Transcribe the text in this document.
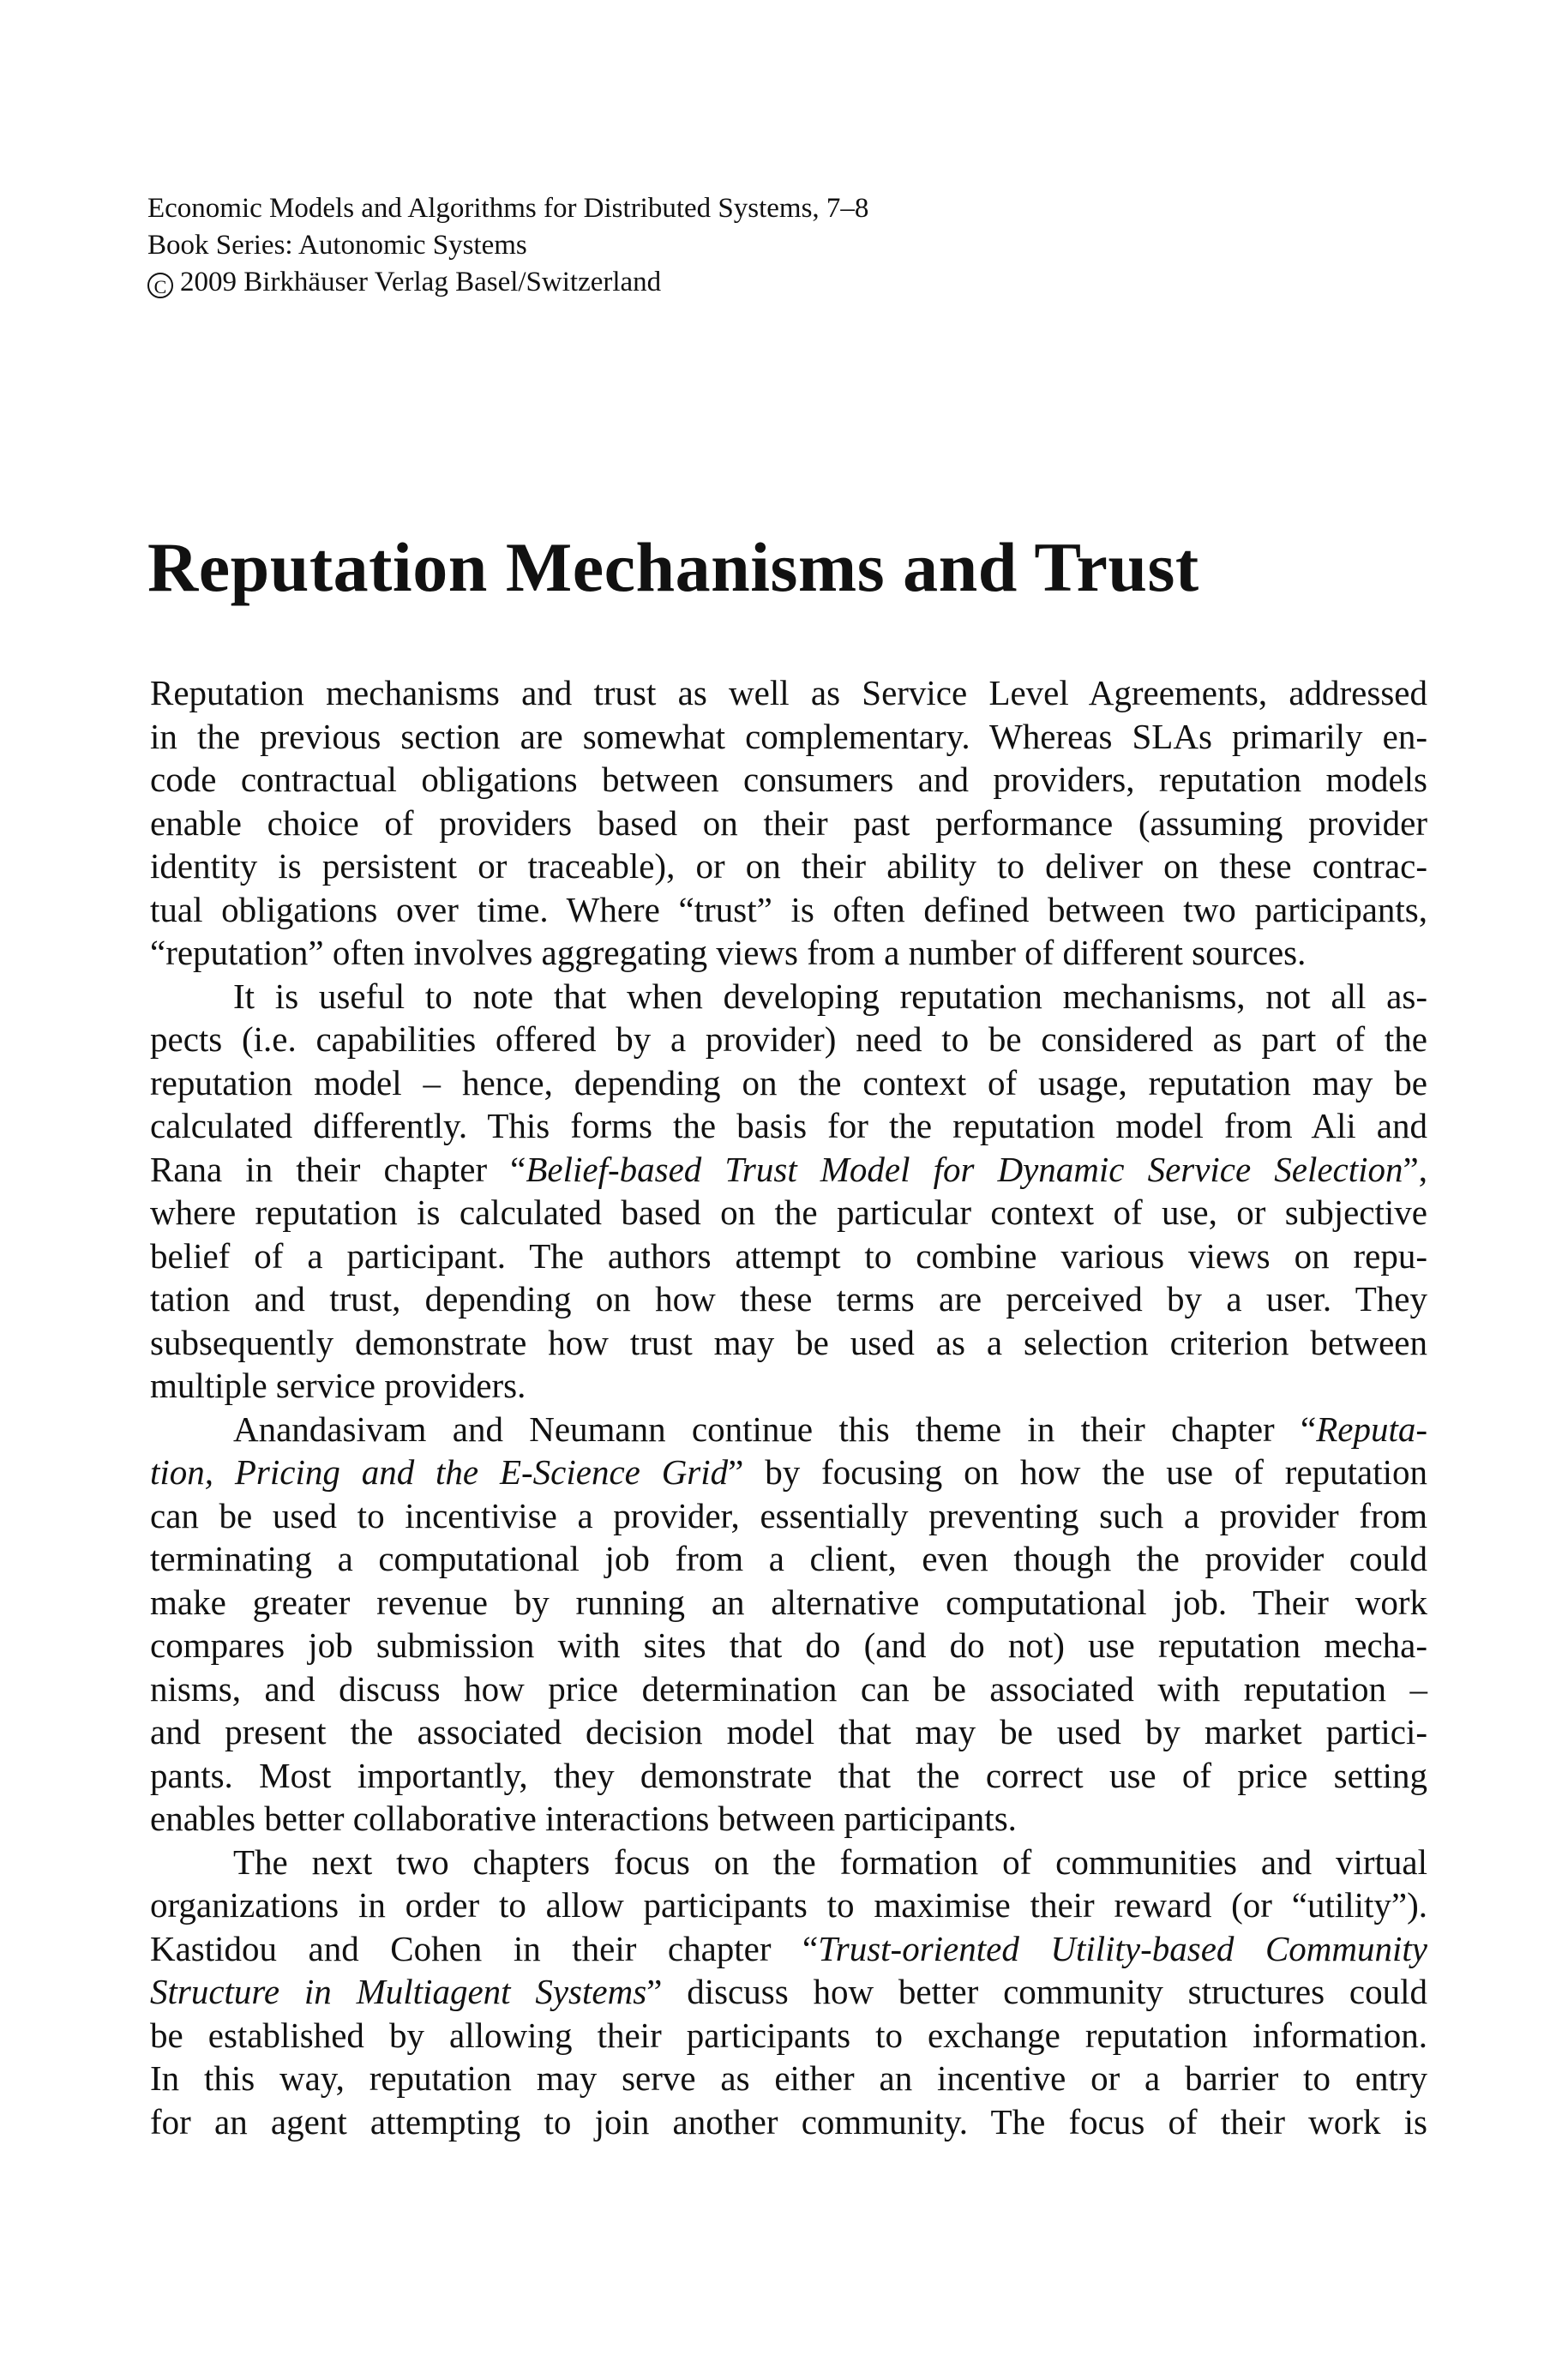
Economic Models and Algorithms for Distributed Systems, 7–8
Book Series: Autonomic Systems
C 2009 Birkhäuser Verlag Basel/Switzerland
Reputation Mechanisms and Trust
Reputation mechanisms and trust as well as Service Level Agreements, addressed
in the previous section are somewhat complementary. Whereas SLAs primarily en-
code contractual obligations between consumers and providers, reputation models
enable choice of providers based on their past performance (assuming provider
identity is persistent or traceable), or on their ability to deliver on these contrac-
tual obligations over time. Where “trust” is often defined between two participants,
“reputation” often involves aggregating views from a number of different sources.
It is useful to note that when developing reputation mechanisms, not all as-
pects (i.e. capabilities offered by a provider) need to be considered as part of the
reputation model – hence, depending on the context of usage, reputation may be
calculated differently. This forms the basis for the reputation model from Ali and
Rana in their chapter “Belief-based Trust Model for Dynamic Service Selection”,
where reputation is calculated based on the particular context of use, or subjective
belief of a participant. The authors attempt to combine various views on repu-
tation and trust, depending on how these terms are perceived by a user. They
subsequently demonstrate how trust may be used as a selection criterion between
multiple service providers.
Anandasivam and Neumann continue this theme in their chapter “Reputa-
tion, Pricing and the E-Science Grid” by focusing on how the use of reputation
can be used to incentivise a provider, essentially preventing such a provider from
terminating a computational job from a client, even though the provider could
make greater revenue by running an alternative computational job. Their work
compares job submission with sites that do (and do not) use reputation mecha-
nisms, and discuss how price determination can be associated with reputation –
and present the associated decision model that may be used by market partici-
pants. Most importantly, they demonstrate that the correct use of price setting
enables better collaborative interactions between participants.
The next two chapters focus on the formation of communities and virtual
organizations in order to allow participants to maximise their reward (or “utility”).
Kastidou and Cohen in their chapter “Trust-oriented Utility-based Community
Structure in Multiagent Systems” discuss how better community structures could
be established by allowing their participants to exchange reputation information.
In this way, reputation may serve as either an incentive or a barrier to entry
for an agent attempting to join another community. The focus of their work is
